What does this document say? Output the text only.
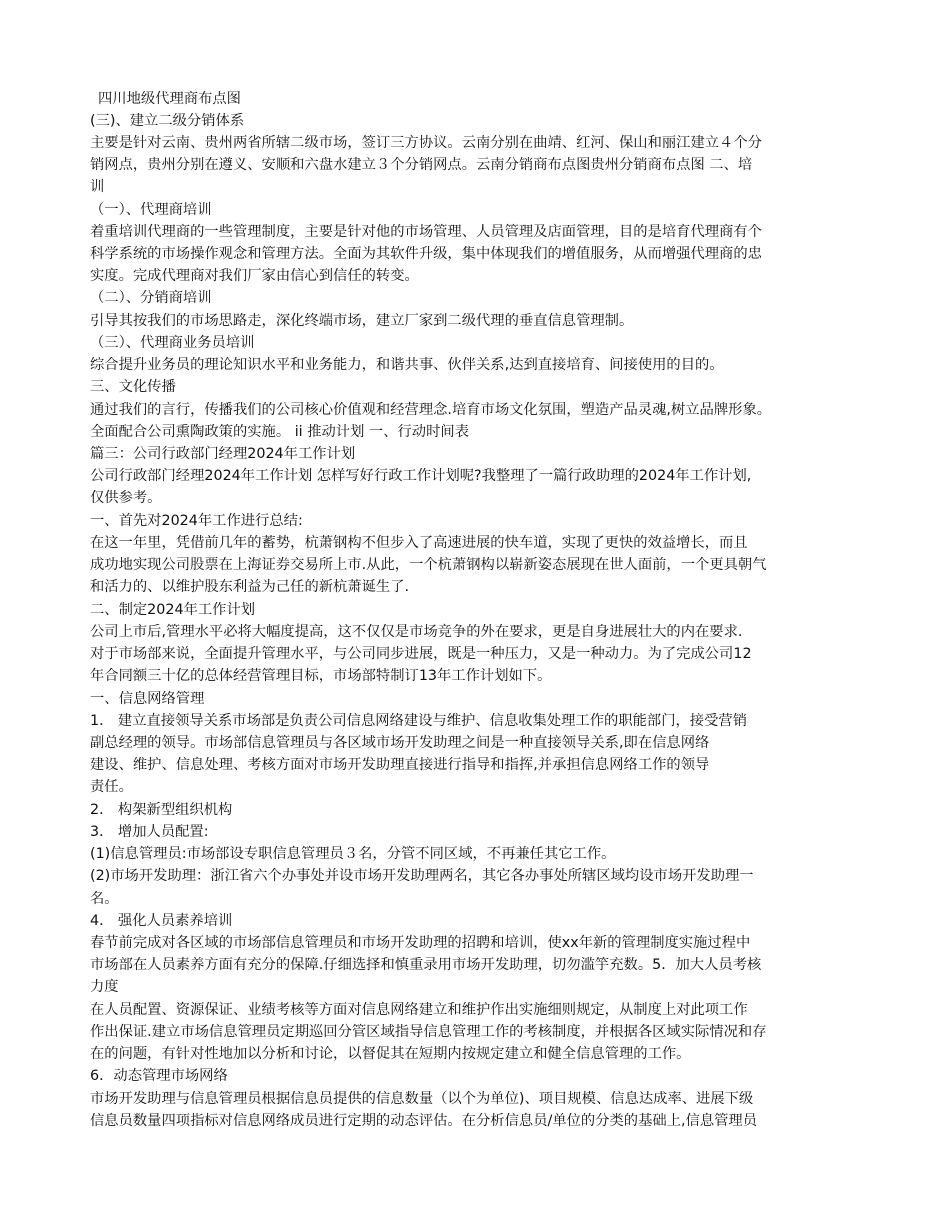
四川地级代理商布点图
(三)、建立二级分销体系
主要是针对云南、贵州两省所辖二级市场，签订三方协议。云南分别在曲靖、红河、保山和丽江建立４个分
销网点，贵州分别在遵义、安顺和六盘水建立３个分销网点。云南分销商布点图贵州分销商布点图 二、培
训
（一）、代理商培训
着重培训代理商的一些管理制度，主要是针对他的市场管理、人员管理及店面管理，目的是培育代理商有个
科学系统的市场操作观念和管理方法。全面为其软件升级，集中体现我们的增值服务，从而增强代理商的忠
实度。完成代理商对我们厂家由信心到信任的转变。
（二）、分销商培训
引导其按我们的市场思路走，深化终端市场，建立厂家到二级代理的垂直信息管理制。
（三）、代理商业务员培训
综合提升业务员的理论知识水平和业务能力，和谐共事、伙伴关系,达到直接培育、间接使用的目的。
三、文化传播
通过我们的言行，传播我们的公司核心价值观和经营理念.培育市场文化氛围，塑造产品灵魂,树立品牌形象。
全面配合公司熏陶政策的实施。 ii 推动计划 一、行动时间表
篇三：公司行政部门经理2024年工作计划
公司行政部门经理2024年工作计划 怎样写好行政工作计划呢?我整理了一篇行政助理的2024年工作计划,
仅供参考。
一、首先对2024年工作进行总结:
在这一年里，凭借前几年的蓄势，杭萧钢构不但步入了高速进展的快车道，实现了更快的效益增长，而且
成功地实现公司股票在上海证券交易所上市.从此，一个杭萧钢构以崭新姿态展现在世人面前，一个更具朝气
和活力的、以维护股东利益为己任的新杭萧诞生了.
二、制定2024年工作计划
公司上市后,管理水平必将大幅度提高，这不仅仅是市场竞争的外在要求，更是自身进展壮大的内在要求.
对于市场部来说，全面提升管理水平，与公司同步进展，既是一种压力，又是一种动力。为了完成公司12
年合同额三十亿的总体经营管理目标，市场部特制订13年工作计划如下。
一、信息网络管理
1． 建立直接领导关系市场部是负责公司信息网络建设与维护、信息收集处理工作的职能部门，接受营销
副总经理的领导。市场部信息管理员与各区域市场开发助理之间是一种直接领导关系,即在信息网络
建设、维护、信息处理、考核方面对市场开发助理直接进行指导和指挥,并承担信息网络工作的领导
责任。
2． 构架新型组织机构
3． 增加人员配置:
(1)信息管理员:市场部设专职信息管理员３名，分管不同区域，不再兼任其它工作。
(2)市场开发助理：浙江省六个办事处并设市场开发助理两名，其它各办事处所辖区域均设市场开发助理一
名。
4． 强化人员素养培训
春节前完成对各区域的市场部信息管理员和市场开发助理的招聘和培训，使xx年新的管理制度实施过程中
市场部在人员素养方面有充分的保障.仔细选择和慎重录用市场开发助理，切勿滥竽充数。5．加大人员考核
力度
在人员配置、资源保证、业绩考核等方面对信息网络建立和维护作出实施细则规定，从制度上对此项工作
作出保证.建立市场信息管理员定期巡回分管区域指导信息管理工作的考核制度，并根据各区域实际情况和存
在的问题，有针对性地加以分析和讨论，以督促其在短期内按规定建立和健全信息管理的工作。
6．动态管理市场网络
市场开发助理与信息管理员根据信息员提供的信息数量（以个为单位)、项目规模、信息达成率、进展下级
信息员数量四项指标对信息网络成员进行定期的动态评估。在分析信息员/单位的分类的基础上,信息管理员
